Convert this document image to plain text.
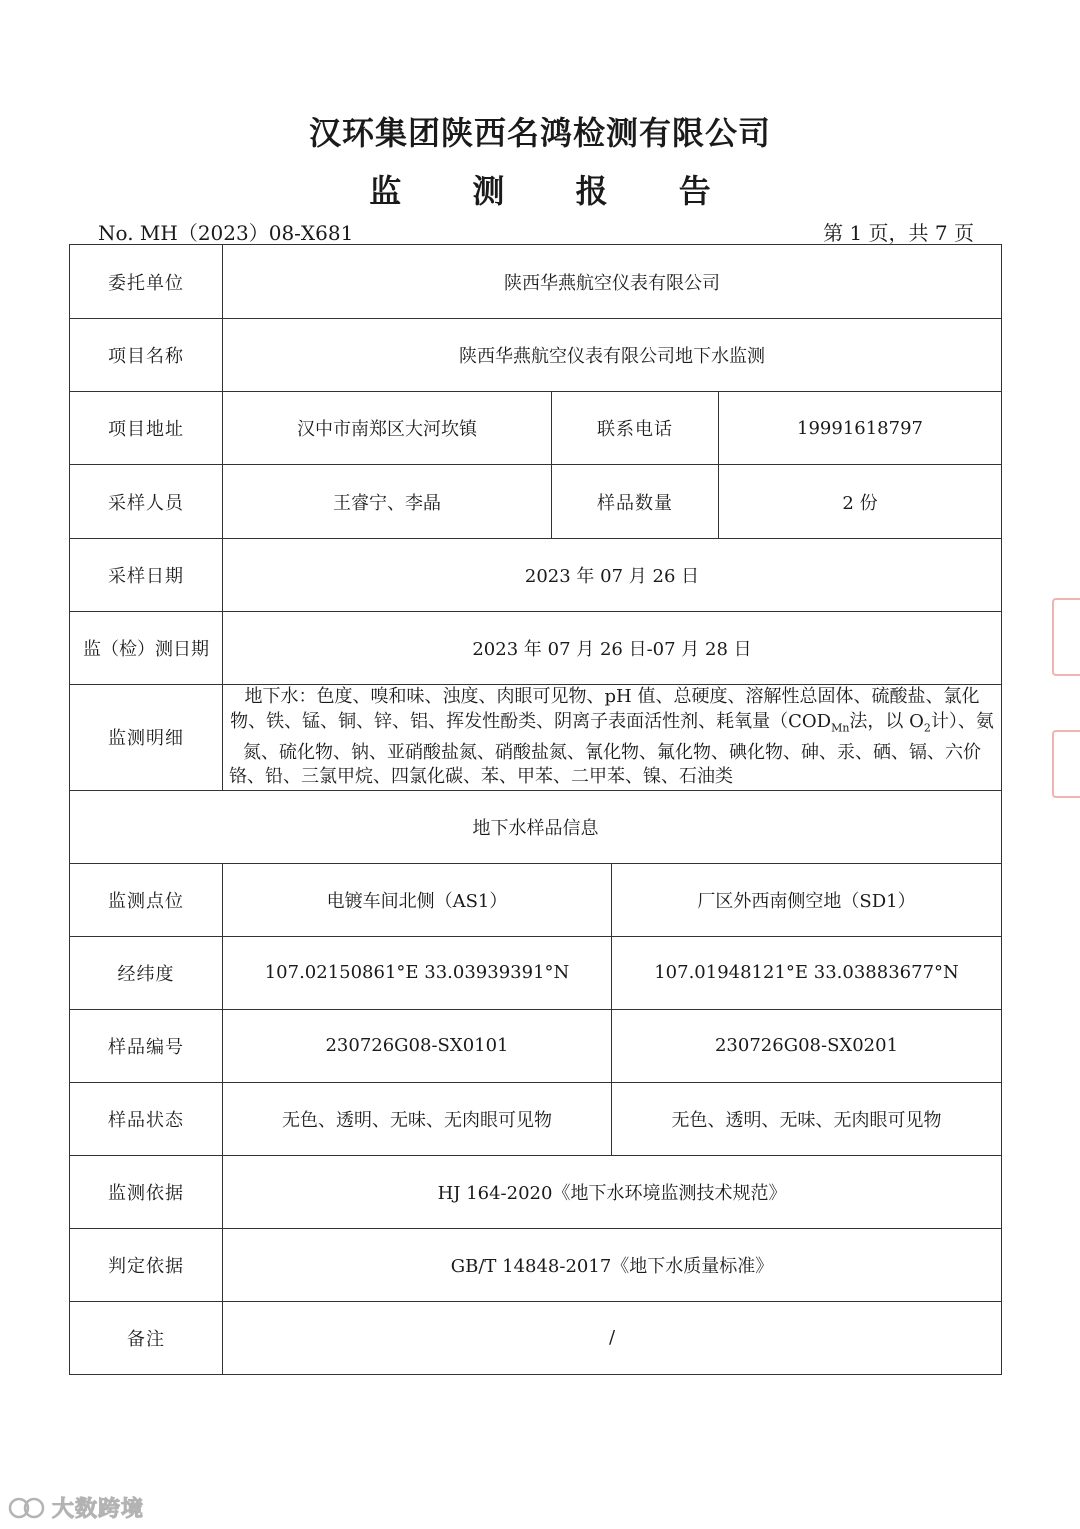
汉环集团陕西名鸿检测有限公司
监 测 报 告
No. MH（2023）08-X681	第 1 页，共 7 页
委托单位	陕西华燕航空仪表有限公司			
项目名称	陕西华燕航空仪表有限公司地下水监测			
项目地址	汉中市南郑区大河坎镇	联系电话		19991618797
采样人员	王睿宁、李晶	样品数量		2 份
采样日期	2023 年 07 月 26 日			
监（检）测日期	2023 年 07 月 26 日-07 月 28 日			
监测明细	地下水：色度、嗅和味、浊度、肉眼可见物、pH 值、总硬度、溶解性总固体、硫酸盐、氯化物、铁、锰、铜、锌、铝、挥发性酚类、阴离子表面活性剂、耗氧量（$COD_{Mn}$法，以 $O_2$计）、氨氮、硫化物、钠、亚硝酸盐氮、硝酸盐氮、氰化物、氟化物、碘化物、砷、汞、硒、镉、六价铬、铅、三氯甲烷、四氯化碳、苯、甲苯、二甲苯、镍、石油类			
地下水样品信息				
监测点位	电镀车间北侧（AS1）		厂区外西南侧空地（SD1）	
经纬度	107.02150861°E 33.03939391°N		107.01948121°E 33.03883677°N	
样品编号	230726G08-SX0101		230726G08-SX0201	
样品状态	无色、透明、无味、无肉眼可见物		无色、透明、无味、无肉眼可见物	
监测依据	HJ 164-2020《地下水环境监测技术规范》			
判定依据	GB/T 14848-2017《地下水质量标准》			
备注	/			
大数跨境
